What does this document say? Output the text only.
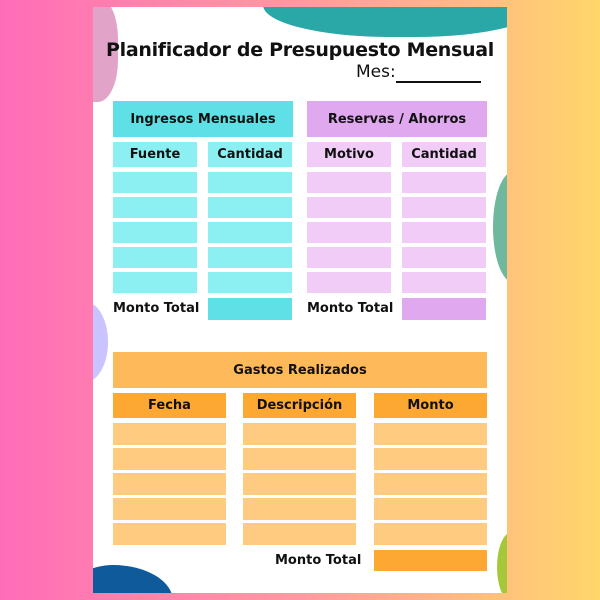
Planificador de Presupuesto Mensual
Mes:
Ingresos Mensuales
Fuente	Cantidad
Monto Total
Reservas / Ahorros
Motivo	Cantidad
Monto Total
Gastos Realizados
Fecha	Descripción	Monto
Monto Total
